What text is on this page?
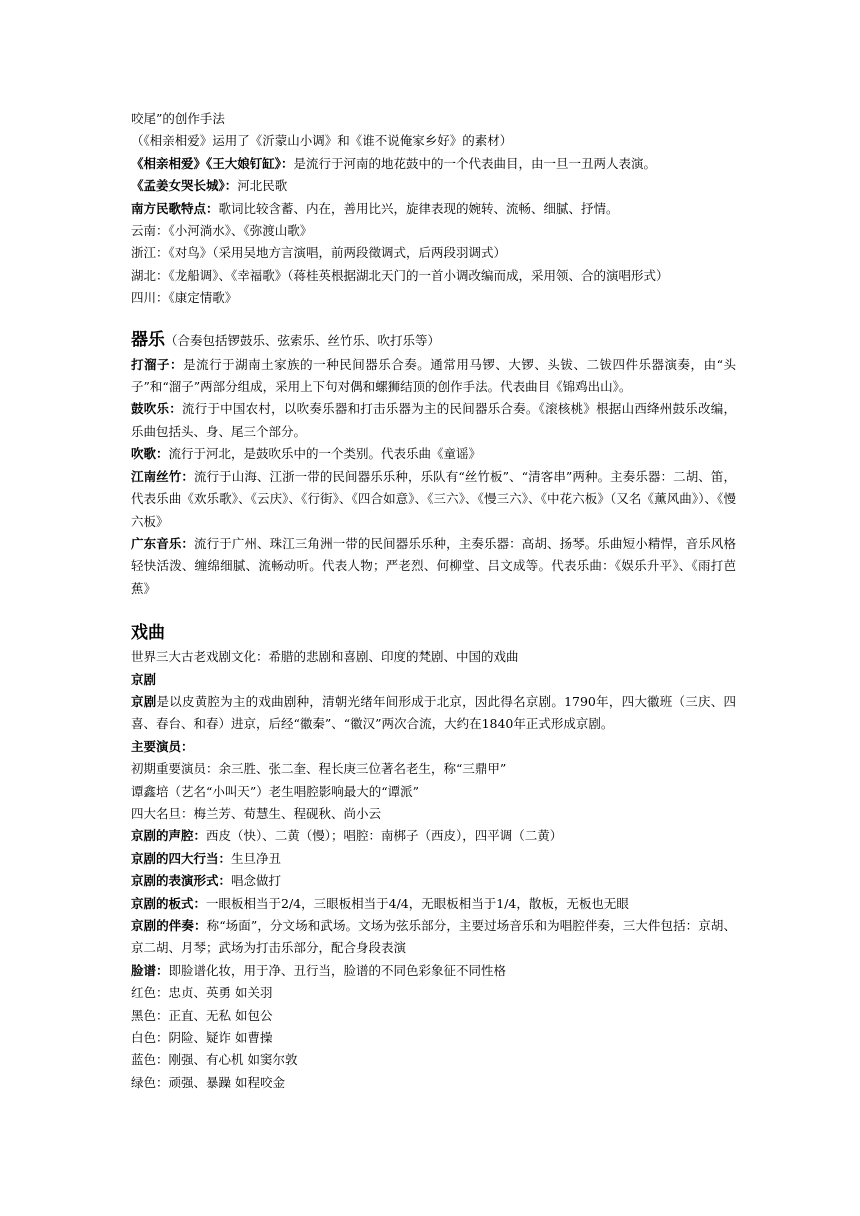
咬尾”的创作手法
（《相亲相爱》运用了《沂蒙山小调》和《谁不说俺家乡好》的素材）
《相亲相爱》《王大娘钉缸》：是流行于河南的地花鼓中的一个代表曲目，由一旦一丑两人表演。
《孟姜女哭长城》：河北民歌
南方民歌特点：歌词比较含蓄、内在，善用比兴，旋律表现的婉转、流畅、细腻、抒情。
云南：《小河淌水》、《弥渡山歌》
浙江：《对鸟》（采用吴地方言演唱，前两段徵调式，后两段羽调式）
湖北：《龙船调》、《幸福歌》（蒋桂英根据湖北天门的一首小调改编而成，采用领、合的演唱形式）
四川：《康定情歌》
器乐（合奏包括锣鼓乐、弦索乐、丝竹乐、吹打乐等）
打溜子：是流行于湖南土家族的一种民间器乐合奏。通常用马锣、大锣、头钹、二钹四件乐器演奏，由“头子”和“溜子”两部分组成，采用上下句对偶和螺狮结顶的创作手法。代表曲目《锦鸡出山》。
鼓吹乐：流行于中国农村，以吹奏乐器和打击乐器为主的民间器乐合奏。《滚核桃》根据山西绛州鼓乐改编，乐曲包括头、身、尾三个部分。
吹歌：流行于河北，是鼓吹乐中的一个类别。代表乐曲《童谣》
江南丝竹：流行于山海、江浙一带的民间器乐乐种，乐队有“丝竹板”、“清客串”两种。主奏乐器：二胡、笛，代表乐曲《欢乐歌》、《云庆》、《行街》、《四合如意》、《三六》、《慢三六》、《中花六板》（又名《薰风曲》）、《慢六板》
广东音乐：流行于广州、珠江三角洲一带的民间器乐乐种，主奏乐器：高胡、扬琴。乐曲短小精悍，音乐风格轻快活泼、缠绵细腻、流畅动听。代表人物；严老烈、何柳堂、吕文成等。代表乐曲：《娱乐升平》、《雨打芭蕉》
戏曲
世界三大古老戏剧文化：希腊的悲剧和喜剧、印度的梵剧、中国的戏曲
京剧
京剧是以皮黄腔为主的戏曲剧种，清朝光绪年间形成于北京，因此得名京剧。1790年，四大徽班（三庆、四喜、春台、和春）进京，后经“徽秦”、“徽汉”两次合流，大约在1840年正式形成京剧。
主要演员：
初期重要演员：余三胜、张二奎、程长庚三位著名老生，称“三鼎甲”
谭鑫培（艺名“小叫天”）老生唱腔影响最大的“谭派”
四大名旦：梅兰芳、荀慧生、程砚秋、尚小云
京剧的声腔：西皮（快）、二黄（慢）；唱腔：南梆子（西皮），四平调（二黄）
京剧的四大行当：生旦净丑
京剧的表演形式：唱念做打
京剧的板式：一眼板相当于2/4，三眼板相当于4/4，无眼板相当于1/4，散板，无板也无眼
京剧的伴奏：称“场面”，分文场和武场。文场为弦乐部分，主要过场音乐和为唱腔伴奏，三大件包括：京胡、京二胡、月琴；武场为打击乐部分，配合身段表演
脸谱：即脸谱化妆，用于净、丑行当，脸谱的不同色彩象征不同性格
红色：忠贞、英勇 如关羽
黑色：正直、无私 如包公
白色：阴险、疑诈 如曹操
蓝色：刚强、有心机 如窦尔敦
绿色：顽强、暴躁 如程咬金
